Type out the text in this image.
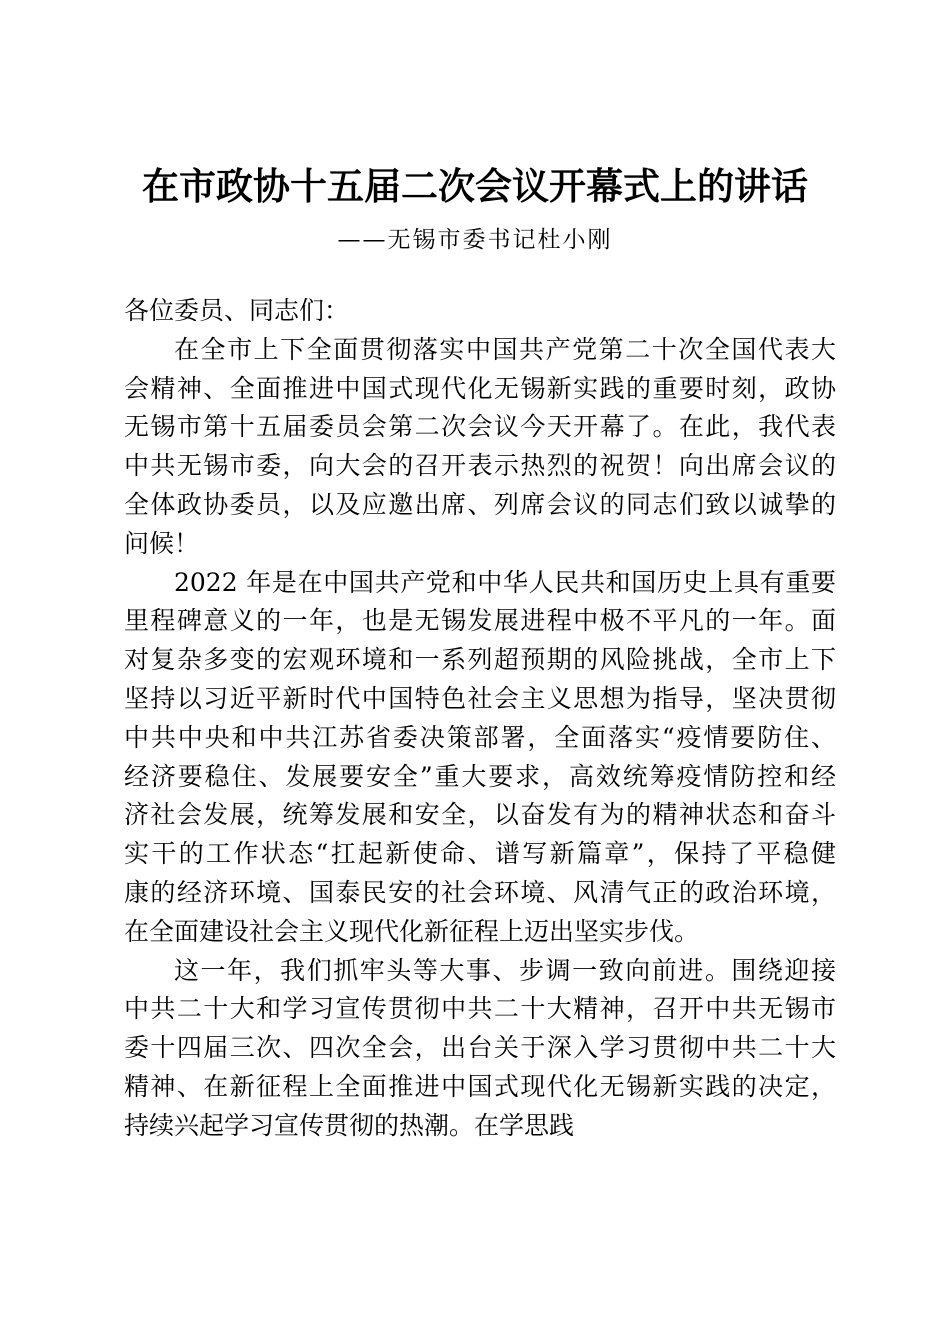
在市政协十五届二次会议开幕式上的讲话
——无锡市委书记杜小刚
各位委员、同志们：
在全市上下全面贯彻落实中国共产党第二十次全国代表大
会精神、全面推进中国式现代化无锡新实践的重要时刻，政协
无锡市第十五届委员会第二次会议今天开幕了。在此，我代表
中共无锡市委，向大会的召开表示热烈的祝贺！向出席会议的
全体政协委员，以及应邀出席、列席会议的同志们致以诚挚的
问候！
2022 年是在中国共产党和中华人民共和国历史上具有重要
里程碑意义的一年，也是无锡发展进程中极不平凡的一年。面
对复杂多变的宏观环境和一系列超预期的风险挑战，全市上下
坚持以习近平新时代中国特色社会主义思想为指导，坚决贯彻
中共中央和中共江苏省委决策部署，全面落实“疫情要防住、
经济要稳住、发展要安全”重大要求，高效统筹疫情防控和经
济社会发展，统筹发展和安全，以奋发有为的精神状态和奋斗
实干的工作状态“扛起新使命、谱写新篇章”，保持了平稳健
康的经济环境、国泰民安的社会环境、风清气正的政治环境，
在全面建设社会主义现代化新征程上迈出坚实步伐。
这一年，我们抓牢头等大事、步调一致向前进。围绕迎接
中共二十大和学习宣传贯彻中共二十大精神，召开中共无锡市
委十四届三次、四次全会，出台关于深入学习贯彻中共二十大
精神、在新征程上全面推进中国式现代化无锡新实践的决定，
持续兴起学习宣传贯彻的热潮。在学思践
